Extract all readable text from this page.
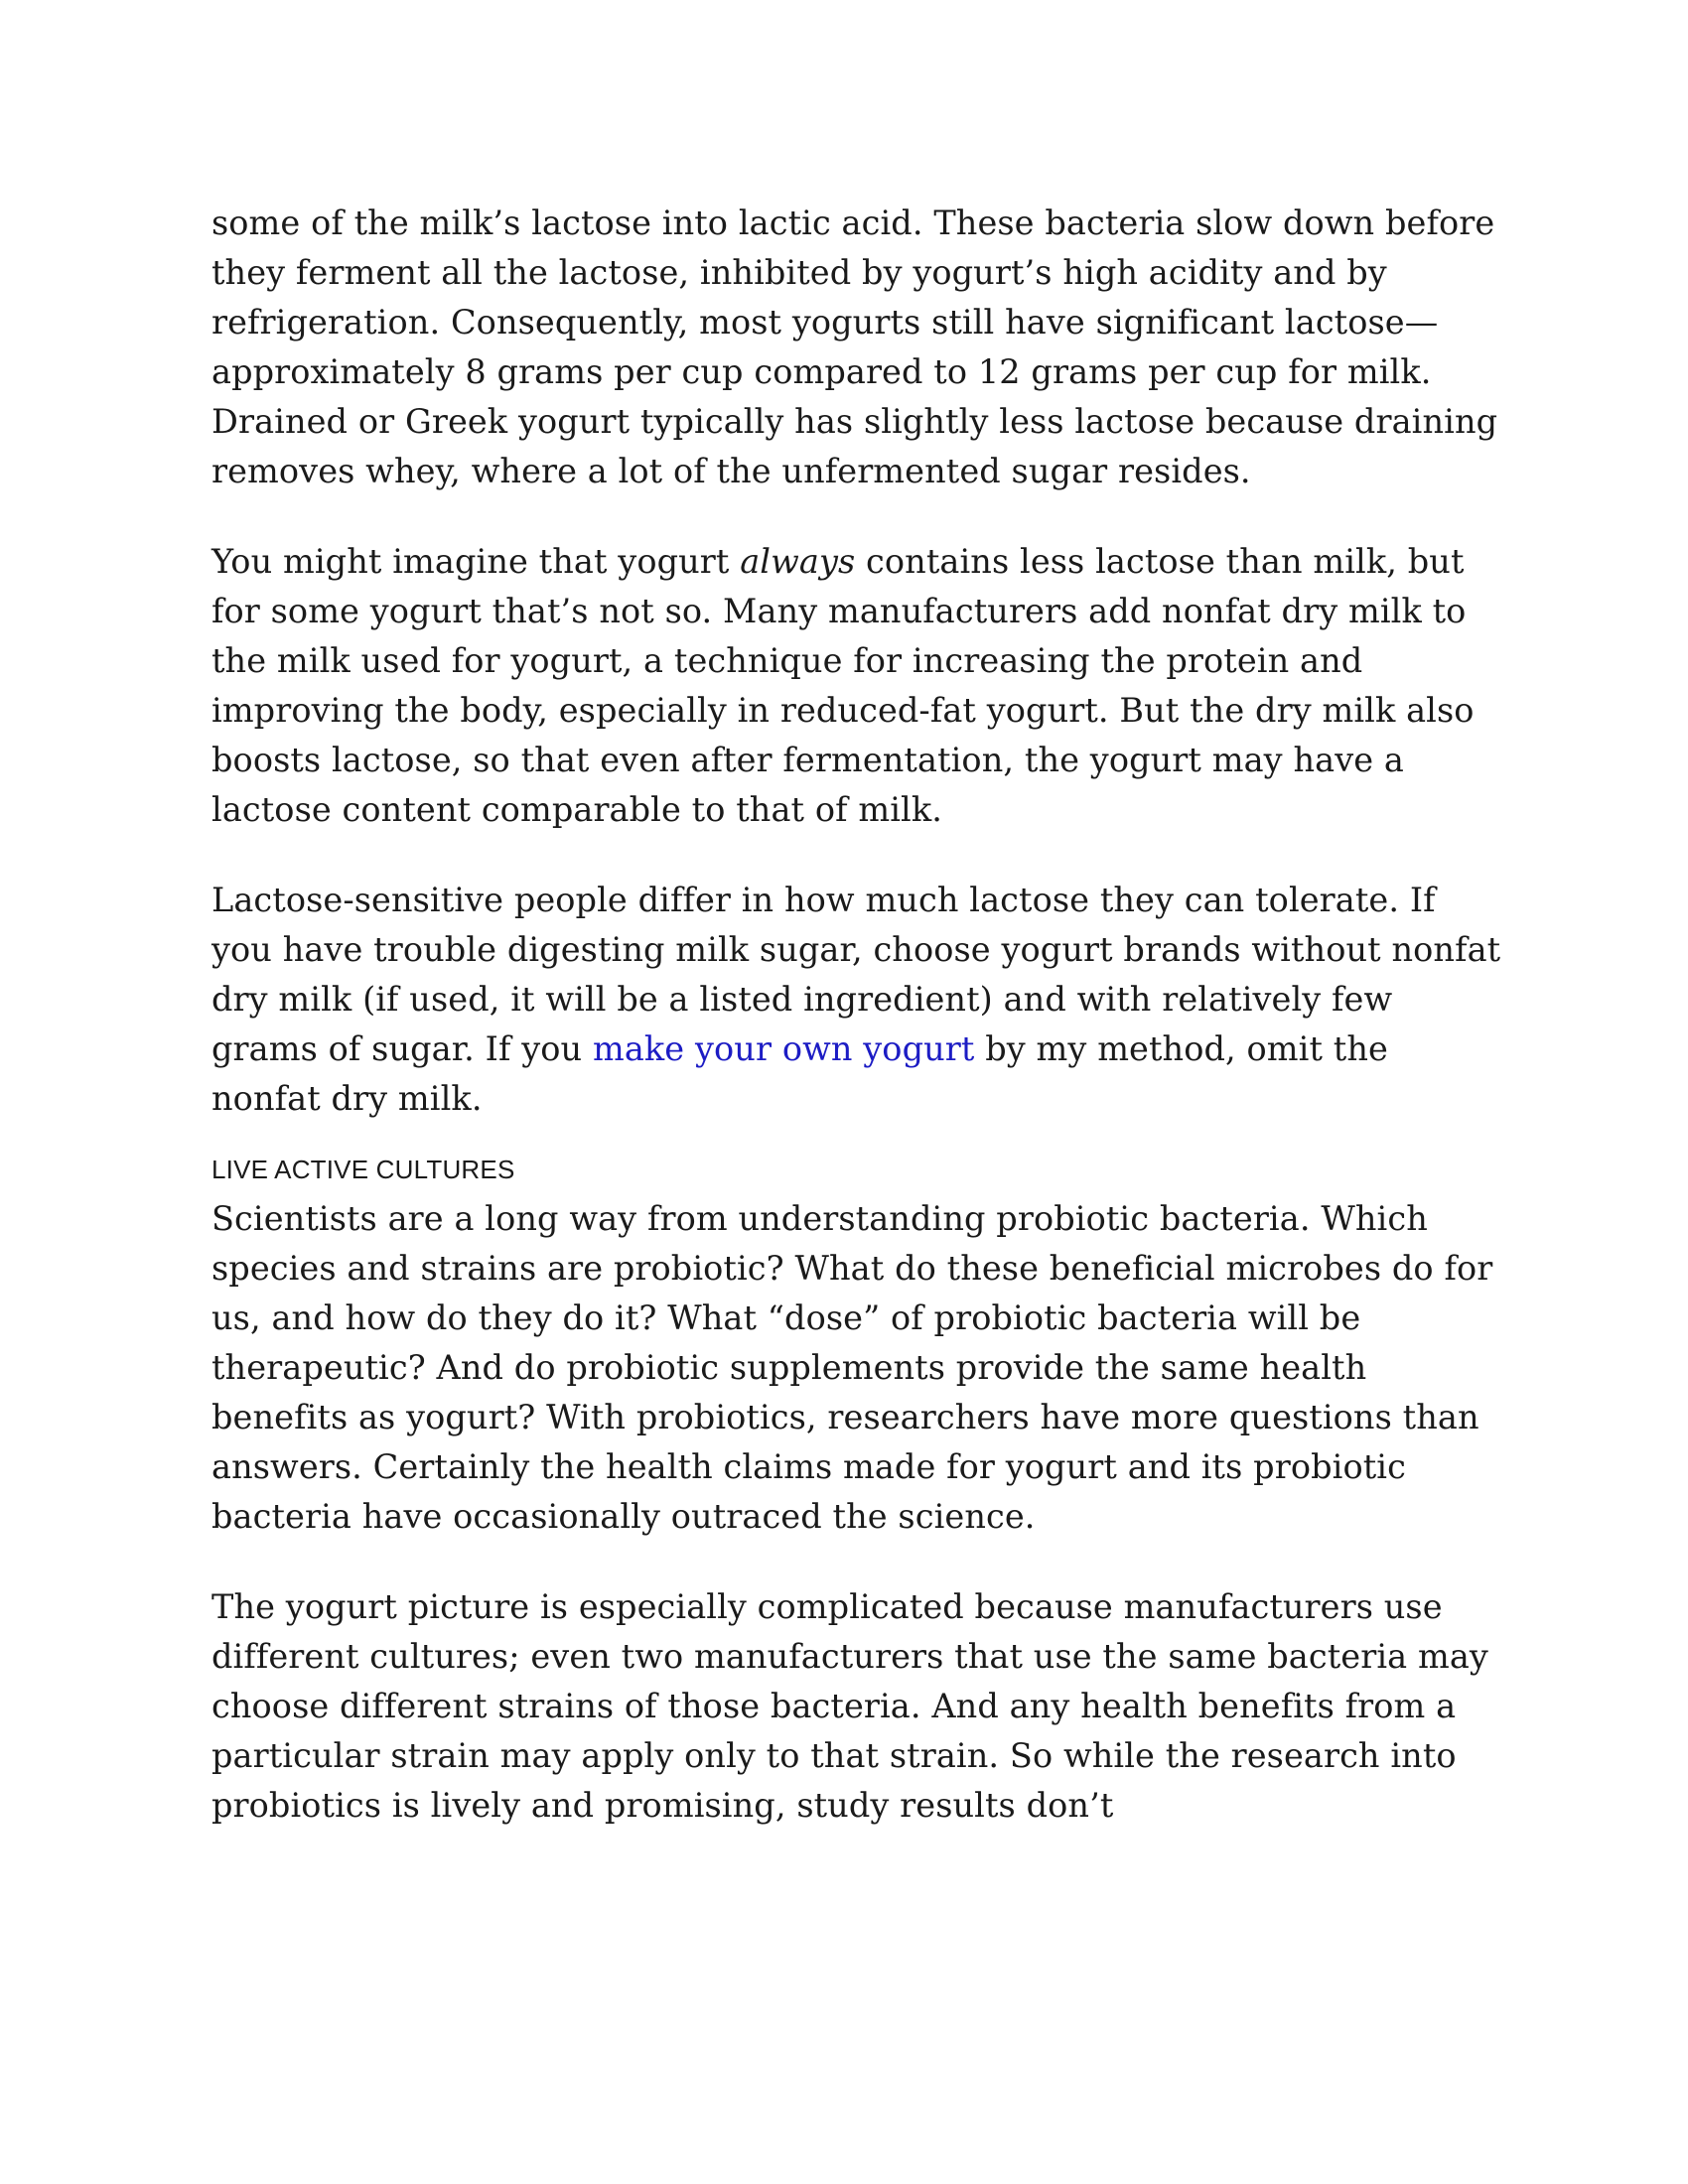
some of the milk’s lactose into lactic acid. These bacteria slow down before they ferment all the lactose, inhibited by yogurt’s high acidity and by refrigeration. Consequently, most yogurts still have significant lactose—approximately 8 grams per cup compared to 12 grams per cup for milk. Drained or Greek yogurt typically has slightly less lactose because draining removes whey, where a lot of the unfermented sugar resides.

You might imagine that yogurt always contains less lactose than milk, but for some yogurt that’s not so. Many manufacturers add nonfat dry milk to the milk used for yogurt, a technique for increasing the protein and improving the body, especially in reduced-fat yogurt. But the dry milk also boosts lactose, so that even after fermentation, the yogurt may have a lactose content comparable to that of milk.

Lactose-sensitive people differ in how much lactose they can tolerate. If you have trouble digesting milk sugar, choose yogurt brands without nonfat dry milk (if used, it will be a listed ingredient) and with relatively few grams of sugar. If you make your own yogurt by my method, omit the nonfat dry milk.

LIVE ACTIVE CULTURES

Scientists are a long way from understanding probiotic bacteria. Which species and strains are probiotic? What do these beneficial microbes do for us, and how do they do it? What “dose” of probiotic bacteria will be therapeutic? And do probiotic supplements provide the same health benefits as yogurt? With probiotics, researchers have more questions than answers. Certainly the health claims made for yogurt and its probiotic bacteria have occasionally outraced the science.

The yogurt picture is especially complicated because manufacturers use different cultures; even two manufacturers that use the same bacteria may choose different strains of those bacteria. And any health benefits from a particular strain may apply only to that strain. So while the research into probiotics is lively and promising, study results don’t
